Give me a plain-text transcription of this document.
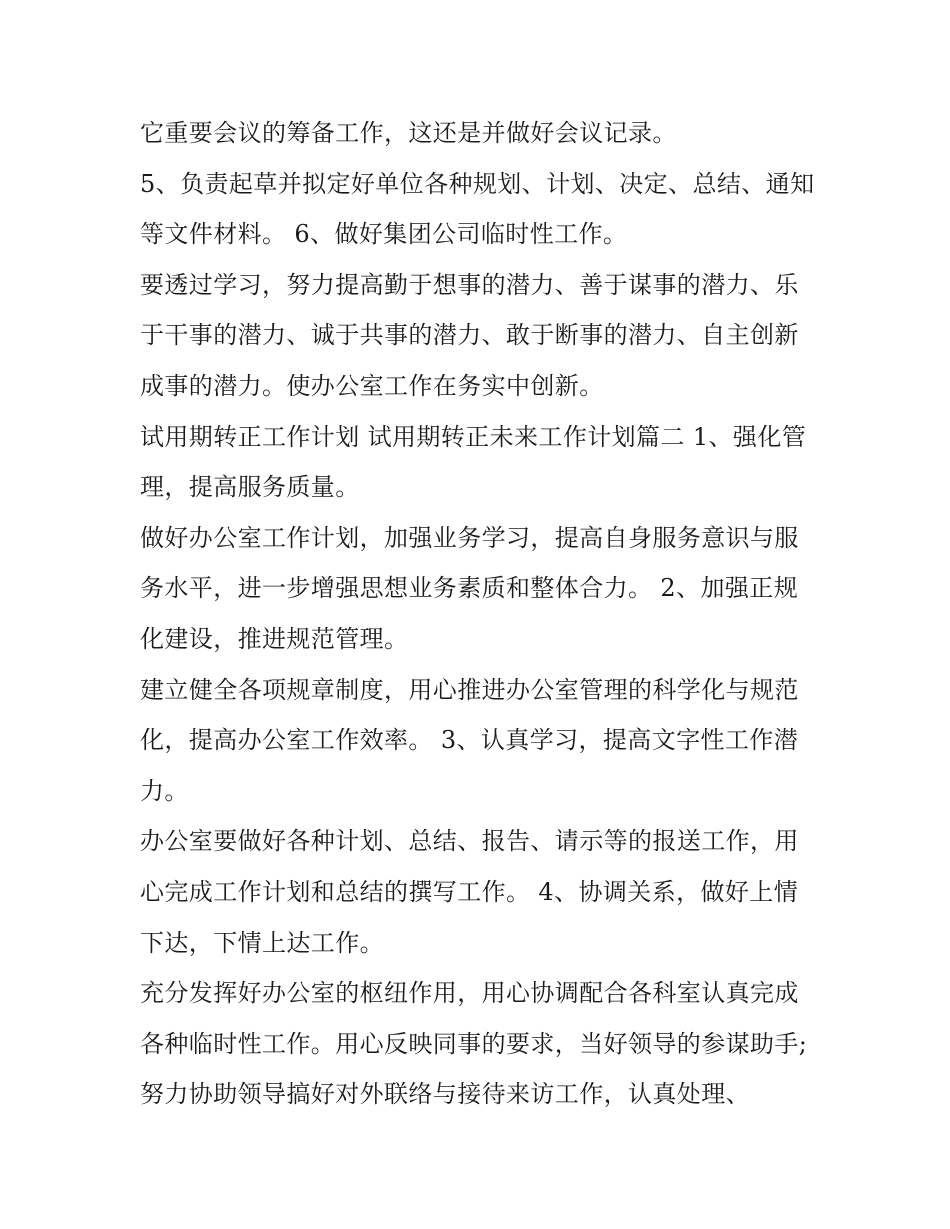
它重要会议的筹备工作，这还是并做好会议记录。

5、负责起草并拟定好单位各种规划、计划、决定、总结、通知等文件材料。 6、做好集团公司临时性工作。

要透过学习，努力提高勤于想事的潜力、善于谋事的潜力、乐于干事的潜力、诚于共事的潜力、敢于断事的潜力、自主创新成事的潜力。使办公室工作在务实中创新。

试用期转正工作计划 试用期转正未来工作计划篇二 1、强化管理，提高服务质量。

做好办公室工作计划，加强业务学习，提高自身服务意识与服务水平，进一步增强思想业务素质和整体合力。 2、加强正规化建设，推进规范管理。

建立健全各项规章制度，用心推进办公室管理的科学化与规范化，提高办公室工作效率。 3、认真学习，提高文字性工作潜力。

办公室要做好各种计划、总结、报告、请示等的报送工作，用心完成工作计划和总结的撰写工作。 4、协调关系，做好上情下达，下情上达工作。

充分发挥好办公室的枢纽作用，用心协调配合各科室认真完成各种临时性工作。用心反映同事的要求，当好领导的参谋助手;努力协助领导搞好对外联络与接待来访工作，认真处理、
